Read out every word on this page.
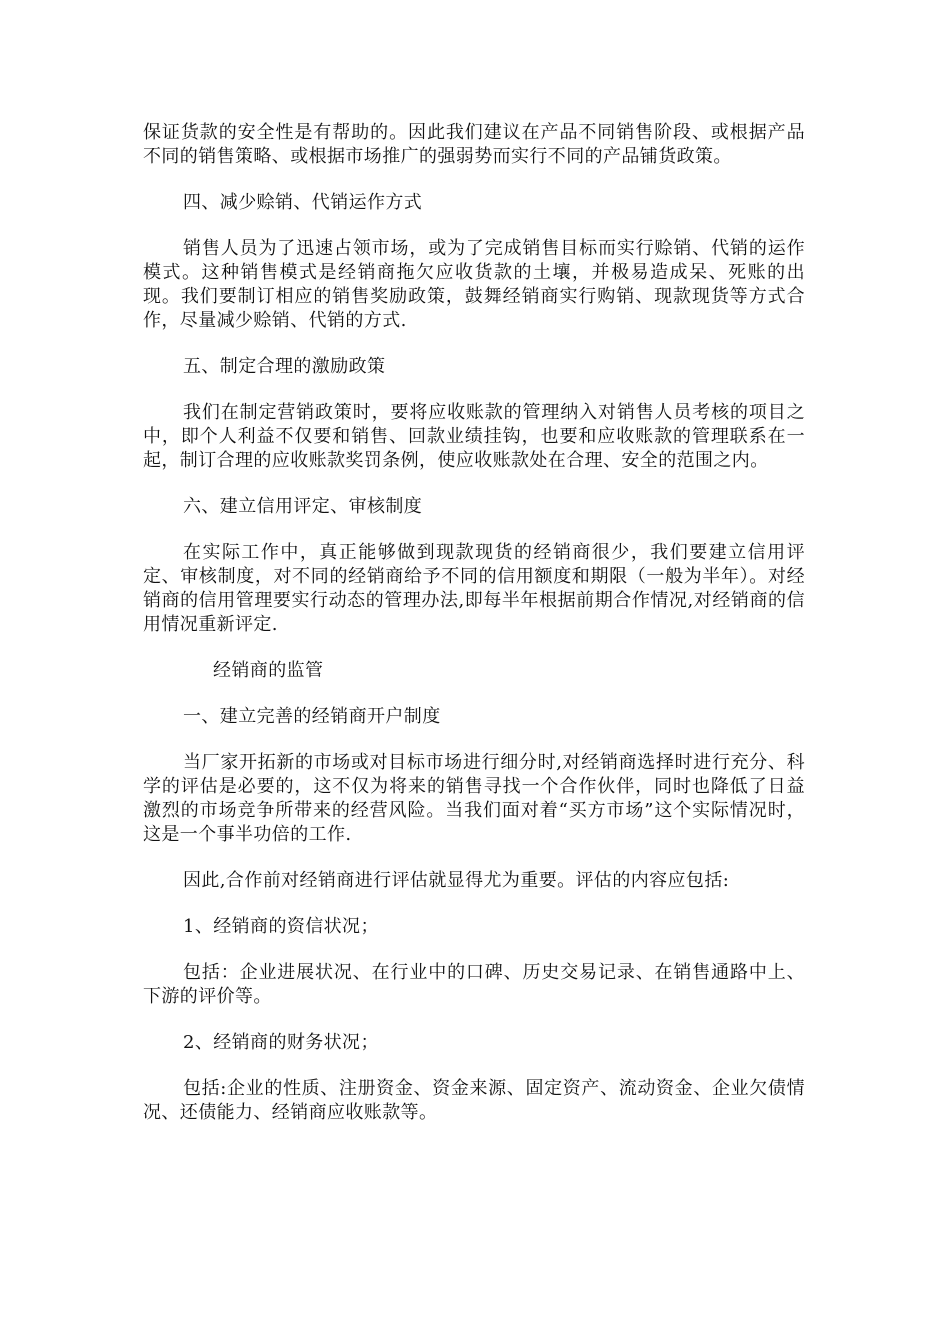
保证货款的安全性是有帮助的。因此我们建议在产品不同销售阶段、或根据产品不同的销售策略、或根据市场推广的强弱势而实行不同的产品铺货政策。

四、减少赊销、代销运作方式

销售人员为了迅速占领市场，或为了完成销售目标而实行赊销、代销的运作模式。这种销售模式是经销商拖欠应收货款的土壤，并极易造成呆、死账的出现。我们要制订相应的销售奖励政策，鼓舞经销商实行购销、现款现货等方式合作，尽量减少赊销、代销的方式.

五、制定合理的激励政策

我们在制定营销政策时，要将应收账款的管理纳入对销售人员考核的项目之中，即个人利益不仅要和销售、回款业绩挂钩，也要和应收账款的管理联系在一起，制订合理的应收账款奖罚条例，使应收账款处在合理、安全的范围之内。

六、建立信用评定、审核制度

在实际工作中，真正能够做到现款现货的经销商很少，我们要建立信用评定、审核制度，对不同的经销商给予不同的信用额度和期限（一般为半年）。对经销商的信用管理要实行动态的管理办法,即每半年根据前期合作情况,对经销商的信用情况重新评定.

经销商的监管

一、建立完善的经销商开户制度

当厂家开拓新的市场或对目标市场进行细分时,对经销商选择时进行充分、科学的评估是必要的，这不仅为将来的销售寻找一个合作伙伴，同时也降低了日益激烈的市场竞争所带来的经营风险。当我们面对着“买方市场”这个实际情况时，这是一个事半功倍的工作.

因此,合作前对经销商进行评估就显得尤为重要。评估的内容应包括:

1、经销商的资信状况；

包括：企业进展状况、在行业中的口碑、历史交易记录、在销售通路中上、下游的评价等。

2、经销商的财务状况；

包括:企业的性质、注册资金、资金来源、固定资产、流动资金、企业欠债情况、还债能力、经销商应收账款等。
